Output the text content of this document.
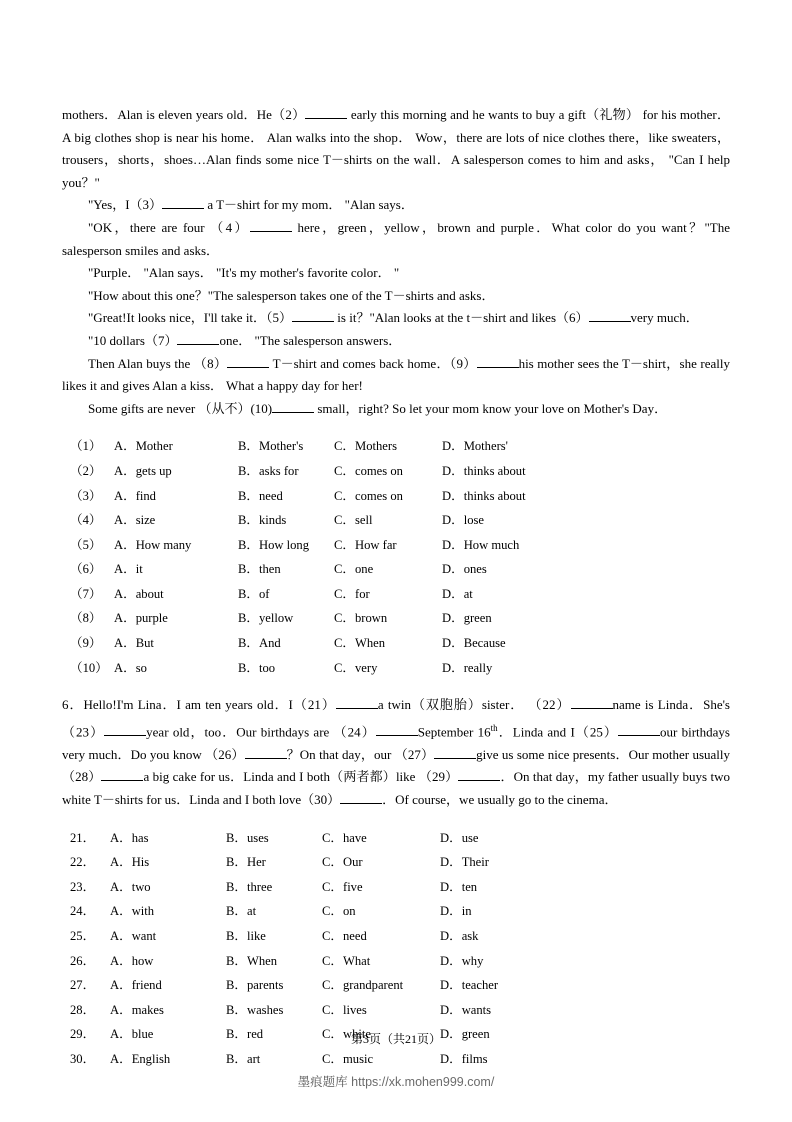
mothers．Alan is eleven years old．He（2）	early this morning and he wants to buy a gift（礼物） for his mother．A big clothes shop is near his home． Alan walks into the shop． Wow，there are lots of nice clothes there，like sweaters，trousers，shorts，shoes…Alan finds some nice T－shirts on the wall．A salesperson comes to him and asks， "Can I help you？"

"Yes，I（3）	a T－shirt for my mom． "Alan says．

"OK，there are four （4）	here，green，yellow，brown and purple．What color do you want？"The salesperson smiles and asks．

"Purple． "Alan says． "It's my mother's favorite color． "

"How about this one？"The salesperson takes one of the T－shirts and asks．

"Great!It looks nice，I'll take it．（5）	is it？"Alan looks at the t－shirt and likes（6）	very much．

"10 dollars（7）	one． "The salesperson answers．

Then Alan buys the （8）	T－shirt and comes back home．（9）	his mother sees the T－shirt，she really likes it and gives Alan a kiss． What a happy day for her!

Some gifts are never （从不）(10)	small，right? So let your mom know your love on Mother's Day．

（1） A．Mother	B．Mother's C．Mothers	D．Mothers'
（2） A．gets up	B．asks for	C．comes on	D．thinks about
（3） A．find	B．need	C．comes on	D．thinks about
（4） A．size	B．kinds	C．sell	D．lose
（5） A．How many	B．How long C．How far	D．How much
（6） A．it	B．then	C．one	D．ones
（7） A．about	B．of	C．for	D．at
（8） A．purple	B．yellow	C．brown	D．green
（9） A．But	B．And	C．When	D．Because
（10） A．so	B．too	C．very	D．really

6．Hello!I'm Lina．I am ten years old．I（21）	a twin（双胞胎）sister． （22）	name is Linda．She's （23）	year old，too．Our birthdays are （24）	September 16th．Linda and I（25）	our birthdays very much．Do you know （26）	？On that day，our （27）	give us some nice presents．Our mother usually （28）	a big cake for us．Linda and I both（两者都）like （29）	．On that day，my father usually buys two white T－shirts for us．Linda and I both love（30）	．Of course，we usually go to the cinema．

21． A．has	B．uses	C．have	D．use
22． A．His	B．Her	C．Our	D．Their
23． A．two	B．three	C．five	D．ten
24． A．with	B．at	C．on	D．in
25． A．want	B．like	C．need	D．ask
26． A．how	B．When	C．What	D．why
27． A．friend	B．parents	C．grandparent	D．teacher
28． A．makes	B．washes	C．lives	D．wants
29． A．blue	B．red	C．white	D．green
30． A．English	B．art	C．music	D．films
第3页（共21页）
墨痕题库 https://xk.mohen999.com/
